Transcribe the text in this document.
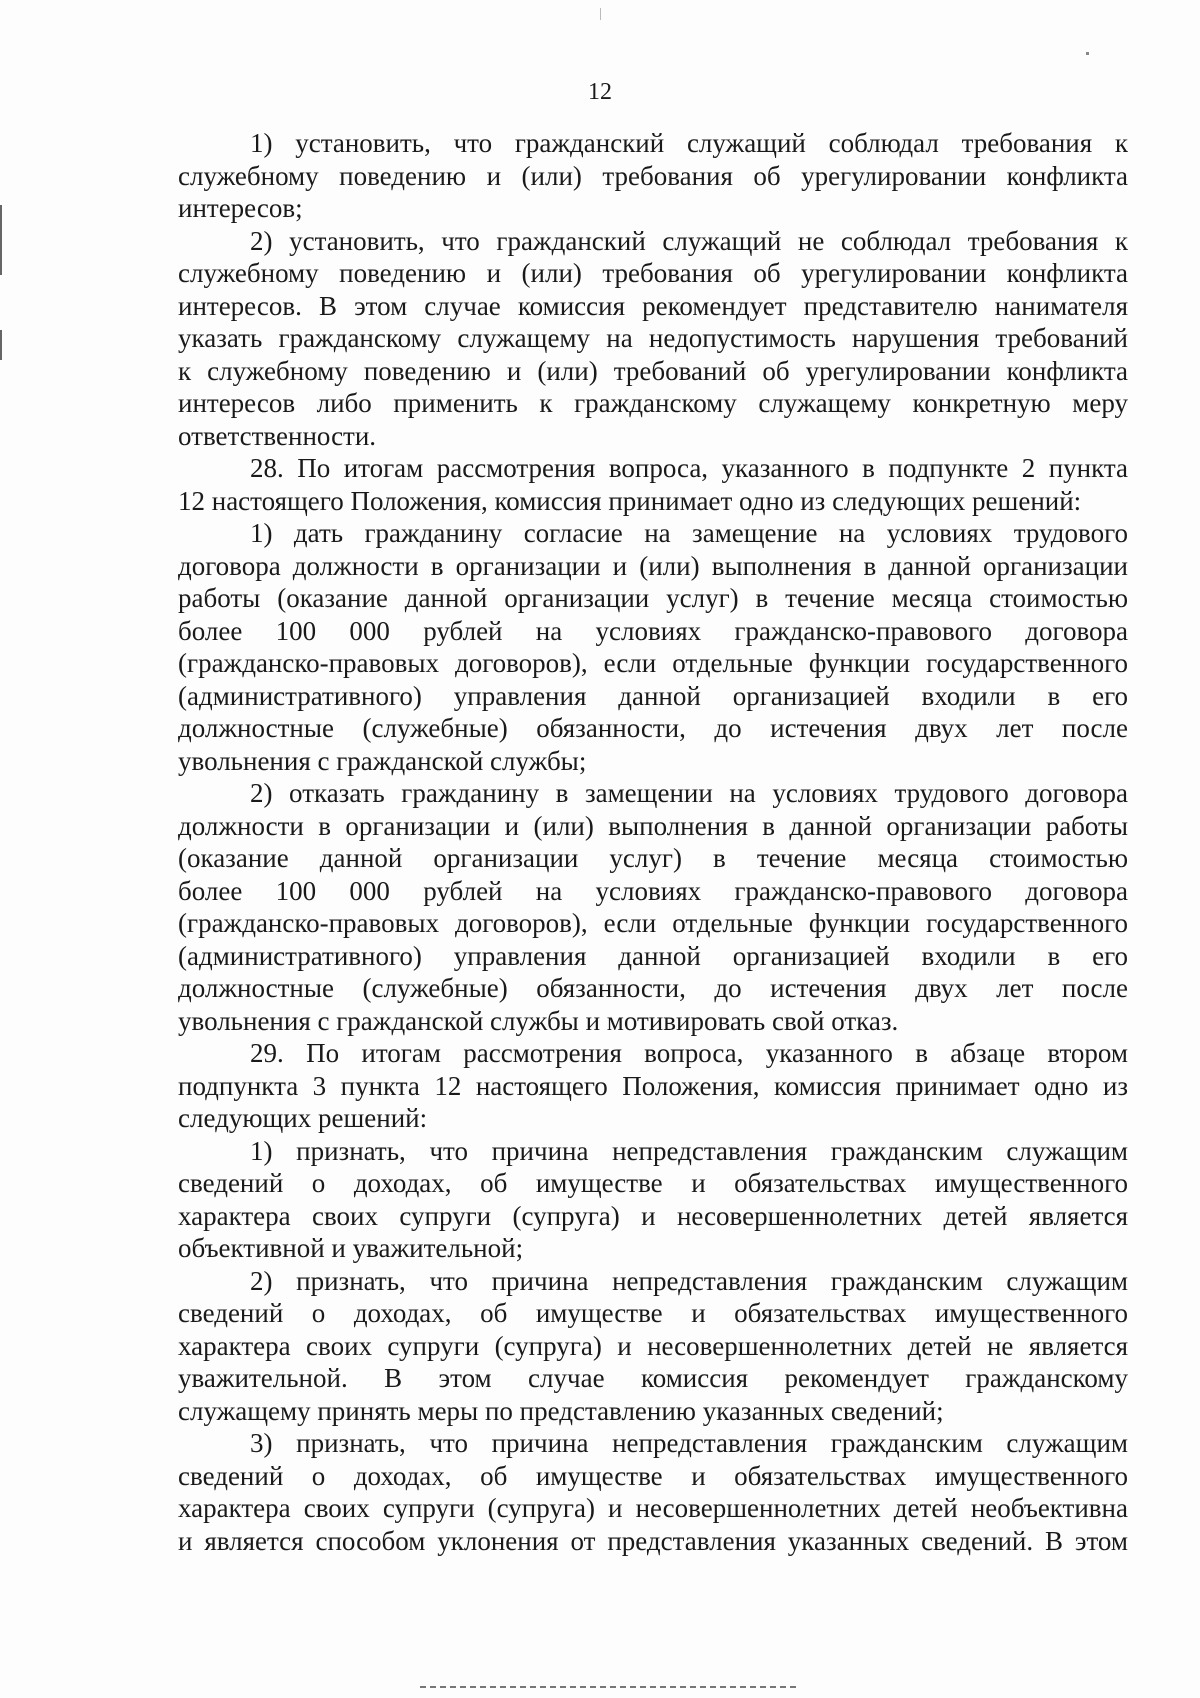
12
1) установить, что гражданский служащий соблюдал требования к
служебному поведению и (или) требования об урегулировании конфликта
интересов;
2) установить, что гражданский служащий не соблюдал требования к
служебному поведению и (или) требования об урегулировании конфликта
интересов. В этом случае комиссия рекомендует представителю нанимателя
указать гражданскому служащему на недопустимость нарушения требований
к служебному поведению и (или) требований об урегулировании конфликта
интересов либо применить к гражданскому служащему конкретную меру
ответственности.
28. По итогам рассмотрения вопроса, указанного в подпункте 2 пункта
12 настоящего Положения, комиссия принимает одно из следующих решений:
1) дать гражданину согласие на замещение на условиях трудового
договора должности в организации и (или) выполнения в данной организации
работы (оказание данной организации услуг) в течение месяца стоимостью
более 100 000 рублей на условиях гражданско-правового договора
(гражданско-правовых договоров), если отдельные функции государственного
(административного) управления данной организацией входили в его
должностные (служебные) обязанности, до истечения двух лет после
увольнения с гражданской службы;
2) отказать гражданину в замещении на условиях трудового договора
должности в организации и (или) выполнения в данной организации работы
(оказание данной организации услуг) в течение месяца стоимостью
более 100 000 рублей на условиях гражданско-правового договора
(гражданско-правовых договоров), если отдельные функции государственного
(административного) управления данной организацией входили в его
должностные (служебные) обязанности, до истечения двух лет после
увольнения с гражданской службы и мотивировать свой отказ.
29. По итогам рассмотрения вопроса, указанного в абзаце втором
подпункта 3 пункта 12 настоящего Положения, комиссия принимает одно из
следующих решений:
1) признать, что причина непредставления гражданским служащим
сведений о доходах, об имуществе и обязательствах имущественного
характера своих супруги (супруга) и несовершеннолетних детей является
объективной и уважительной;
2) признать, что причина непредставления гражданским служащим
сведений о доходах, об имуществе и обязательствах имущественного
характера своих супруги (супруга) и несовершеннолетних детей не является
уважительной. В этом случае комиссия рекомендует гражданскому
служащему принять меры по представлению указанных сведений;
3) признать, что причина непредставления гражданским служащим
сведений о доходах, об имуществе и обязательствах имущественного
характера своих супруги (супруга) и несовершеннолетних детей необъективна
и является способом уклонения от представления указанных сведений. В этом
